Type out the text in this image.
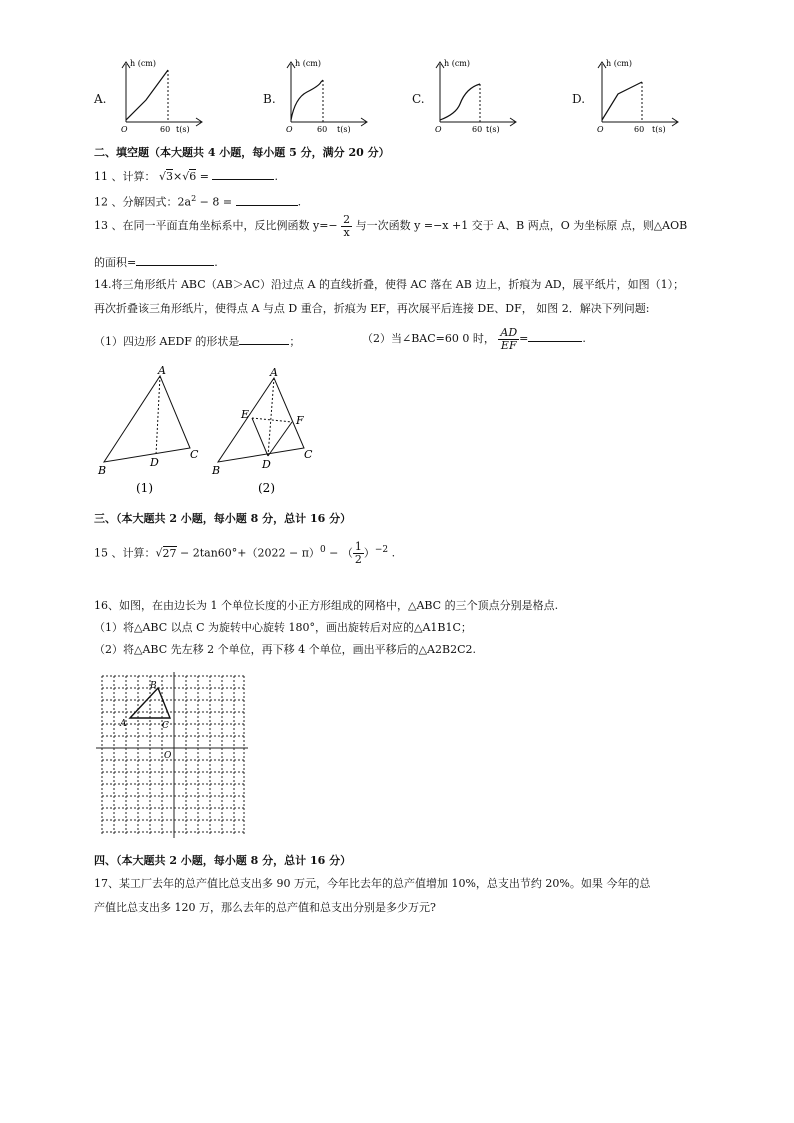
A.
h (cm)
O	60 t(s)
B.
h (cm)
O	60 t(s)
C.
h (cm)
O	60 t(s)
D.
h (cm)
O	60 t(s)
二、填空题（本大题共 4 小题，每小题 5 分，满分 20 分）
11 、计算： √3×√6 =	.
12 、分解因式：$2a^2 - 8$ =	.
13 、在同一平面直角坐标系中，反比例函数 $y=- \frac{2}{x}$ 与一次函数 y =−x +1 交于 A、B 两点，O 为坐标原 点，则△AOB
的面积=	.
14.将三角形纸片 ABC（AB＞AC）沿过点 A 的直线折叠，使得 AC 落在 AB 边上，折痕为 AD，展平纸片，如图（1）；
再次折叠该三角形纸片，使得点 A 与点 D 重合，折痕为 EF，再次展平后连接 DE、DF， 如图 2．解决下列问题:
（1）四边形 AEDF 的形状是	；	（2）当∠BAC=60 0 时， $\frac{AD}{EF}$ =	.
A
B
C
D
(1)
A
B
C
D
E	F
(2)
三、（本大题共 2 小题，每小题 8 分，总计 16 分）
15 、计算：$√27 - 2\tan 60^\circ+(2022 - \pi)^0$ − （ $\frac{1}{2} )^{-2}$ .
16、如图，在由边长为 1 个单位长度的小正方形组成的网格中，△ABC 的三个顶点分别是格点.
（1）将△ABC 以点 C 为旋转中心旋转 180°，画出旋转后对应的△A1B1C；
（2）将△ABC 先左移 2 个单位，再下移 4 个单位，画出平移后的△A2B2C2.
A
B
C
O
四、（本大题共 2 小题，每小题 8 分，总计 16 分）
17、某工厂去年的总产值比总支出多 90 万元，今年比去年的总产值增加 10%，总支出节约 20%。如果 今年的总
产值比总支出多 120 万，那么去年的总产值和总支出分别是多少万元?
